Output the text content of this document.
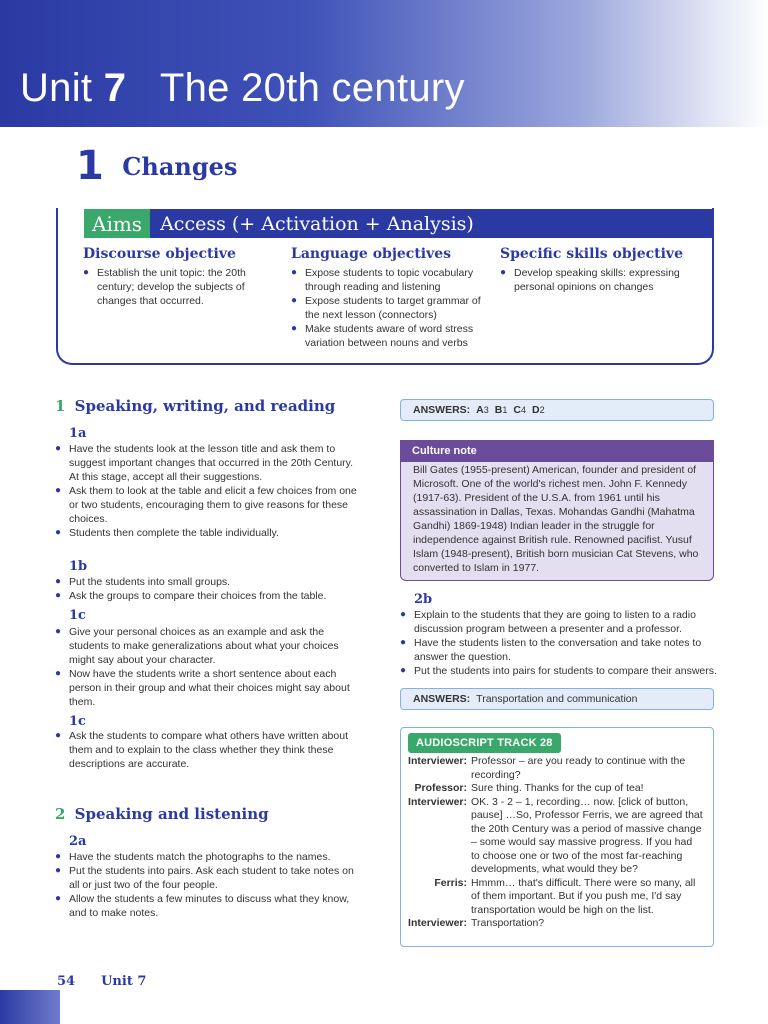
Unit 7 The 20th century
1 Changes
Aims Access (+ Activation + Analysis)
Discourse objective
● Establish the unit topic: the 20th century; develop the subjects of changes that occurred.
Language objectives
● Expose students to topic vocabulary through reading and listening
● Expose students to target grammar of the next lesson (connectors)
● Make students aware of word stress variation between nouns and verbs
Specific skills objective
● Develop speaking skills: expressing personal opinions on changes
1 Speaking, writing, and reading
1a
● Have the students look at the lesson title and ask them to suggest important changes that occurred in the 20th Century. At this stage, accept all their suggestions.
● Ask them to look at the table and elicit a few choices from one or two students, encouraging them to give reasons for these choices.
● Students then complete the table individually.
1b
● Put the students into small groups.
● Ask the groups to compare their choices from the table.
1c
● Give your personal choices as an example and ask the students to make generalizations about what your choices might say about your character.
● Now have the students write a short sentence about each person in their group and what their choices might say about them.
1c
● Ask the students to compare what others have written about them and to explain to the class whether they think these descriptions are accurate.
2 Speaking and listening
2a
● Have the students match the photographs to the names.
● Put the students into pairs. Ask each student to take notes on all or just two of the four people.
● Allow the students a few minutes to discuss what they know, and to make notes.
ANSWERS: A 3 B 1 C 4 D 2
Culture note
Bill Gates (1955-present) American, founder and president of Microsoft. One of the world's richest men. John F. Kennedy (1917-63). President of the U.S.A. from 1961 until his assassination in Dallas, Texas. Mohandas Gandhi (Mahatma Gandhi) 1869-1948) Indian leader in the struggle for independence against British rule. Renowned pacifist. Yusuf Islam (1948-present), British born musician Cat Stevens, who converted to Islam in 1977.
2b
● Explain to the students that they are going to listen to a radio discussion program between a presenter and a professor.
● Have the students listen to the conversation and take notes to answer the question.
● Put the students into pairs for students to compare their answers.
ANSWERS: Transportation and communication
AUDIOSCRIPT TRACK 28
Interviewer: Professor – are you ready to continue with the recording?
Professor: Sure thing. Thanks for the cup of tea!
Interviewer: OK. 3 - 2 – 1, recording… now. [click of button, pause] …So, Professor Ferris, we are agreed that the 20th Century was a period of massive change – some would say massive progress. If you had to choose one or two of the most far-reaching developments, what would they be?
Ferris: Hmmm… that's difficult. There were so many, all of them important. But if you push me, I'd say transportation would be high on the list.
Interviewer: Transportation?
54 Unit 7
